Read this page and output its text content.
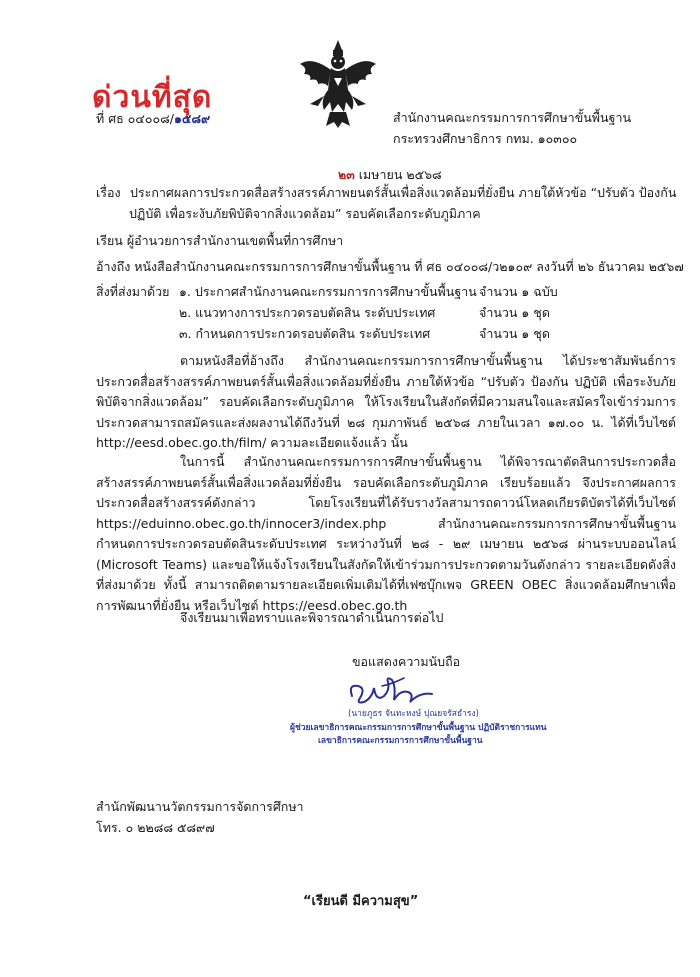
ด่วนที่สุด
ที่ ศธ ๐๔๐๐๘/๑๕๘๙	สำนักงานคณะกรรมการการศึกษาขั้นพื้นฐาน
กระทรวงศึกษาธิการ กทม. ๑๐๓๐๐
๒๓ เมษายน ๒๕๖๘
เรื่อง ประกาศผลการประกวดสื่อสร้างสรรค์ภาพยนตร์สั้นเพื่อสิ่งแวดล้อมที่ยั่งยืน ภายใต้หัวข้อ “ปรับตัว ป้องกัน
ปฏิบัติ เพื่อระงับภัยพิบัติจากสิ่งแวดล้อม” รอบคัดเลือกระดับภูมิภาค
เรียน ผู้อำนวยการสำนักงานเขตพื้นที่การศึกษา
อ้างถึง หนังสือสำนักงานคณะกรรมการการศึกษาขั้นพื้นฐาน ที่ ศธ ๐๔๐๐๘/ว๒๑๐๙ ลงวันที่ ๒๖ ธันวาคม ๒๕๖๗
สิ่งที่ส่งมาด้วย ๑. ประกาศสำนักงานคณะกรรมการการศึกษาขั้นพื้นฐาน จำนวน ๑ ฉบับ
๒. แนวทางการประกวดรอบตัดสิน ระดับประเทศ	จำนวน ๑ ชุด
๓. กำหนดการประกวดรอบตัดสิน ระดับประเทศ	จำนวน ๑ ชุด
ตามหนังสือที่อ้างถึง สำนักงานคณะกรรมการการศึกษาขั้นพื้นฐาน ได้ประชาสัมพันธ์การประกวดสื่อสร้างสรรค์ภาพยนตร์สั้นเพื่อสิ่งแวดล้อมที่ยั่งยืน ภายใต้หัวข้อ “ปรับตัว ป้องกัน ปฏิบัติ เพื่อระงับภัยพิบัติจากสิ่งแวดล้อม” รอบคัดเลือกระดับภูมิภาค ให้โรงเรียนในสังกัดที่มีความสนใจและสมัครใจเข้าร่วมการประกวดสามารถสมัครและส่งผลงานได้ถึงวันที่ ๒๘ กุมภาพันธ์ ๒๕๖๘ ภายในเวลา ๑๗.๐๐ น. ได้ที่เว็บไซต์ http://eesd.obec.go.th/film/ ความละเอียดแจ้งแล้ว นั้น
ในการนี้ สำนักงานคณะกรรมการการศึกษาขั้นพื้นฐาน ได้พิจารณาตัดสินการประกวดสื่อสร้างสรรค์ภาพยนตร์สั้นเพื่อสิ่งแวดล้อมที่ยั่งยืน รอบคัดเลือกระดับภูมิภาค เรียบร้อยแล้ว จึงประกาศผลการประกวดสื่อสร้างสรรค์ดังกล่าว โดยโรงเรียนที่ได้รับรางวัลสามารถดาวน์โหลดเกียรติบัตรได้ที่เว็บไซต์ https://eduinno.obec.go.th/innocer3/index.php สำนักงานคณะกรรมการการศึกษาขั้นพื้นฐานกำหนดการประกวดรอบตัดสินระดับประเทศ ระหว่างวันที่ ๒๘ - ๒๙ เมษายน ๒๕๖๘ ผ่านระบบออนไลน์ (Microsoft Teams) และขอให้แจ้งโรงเรียนในสังกัดให้เข้าร่วมการประกวดตามวันดังกล่าว รายละเอียดดังสิ่งที่ส่งมาด้วย ทั้งนี้ สามารถติดตามรายละเอียดเพิ่มเติมได้ที่เฟซบุ๊กเพจ GREEN OBEC สิ่งแวดล้อมศึกษาเพื่อการพัฒนาที่ยั่งยืน หรือเว็บไซต์ https://eesd.obec.go.th
จึงเรียนมาเพื่อทราบและพิจารณาดำเนินการต่อไป
ขอแสดงความนับถือ
(นายภูธร จันทะหงษ์ ปุณยจรัสธำรง)
ผู้ช่วยเลขาธิการคณะกรรมการการศึกษาขั้นพื้นฐาน ปฏิบัติราชการแทน
เลขาธิการคณะกรรมการการศึกษาขั้นพื้นฐาน
สำนักพัฒนานวัตกรรมการจัดการศึกษา
โทร. ๐ ๒๒๘๘ ๕๘๙๗
“เรียนดี มีความสุข”
